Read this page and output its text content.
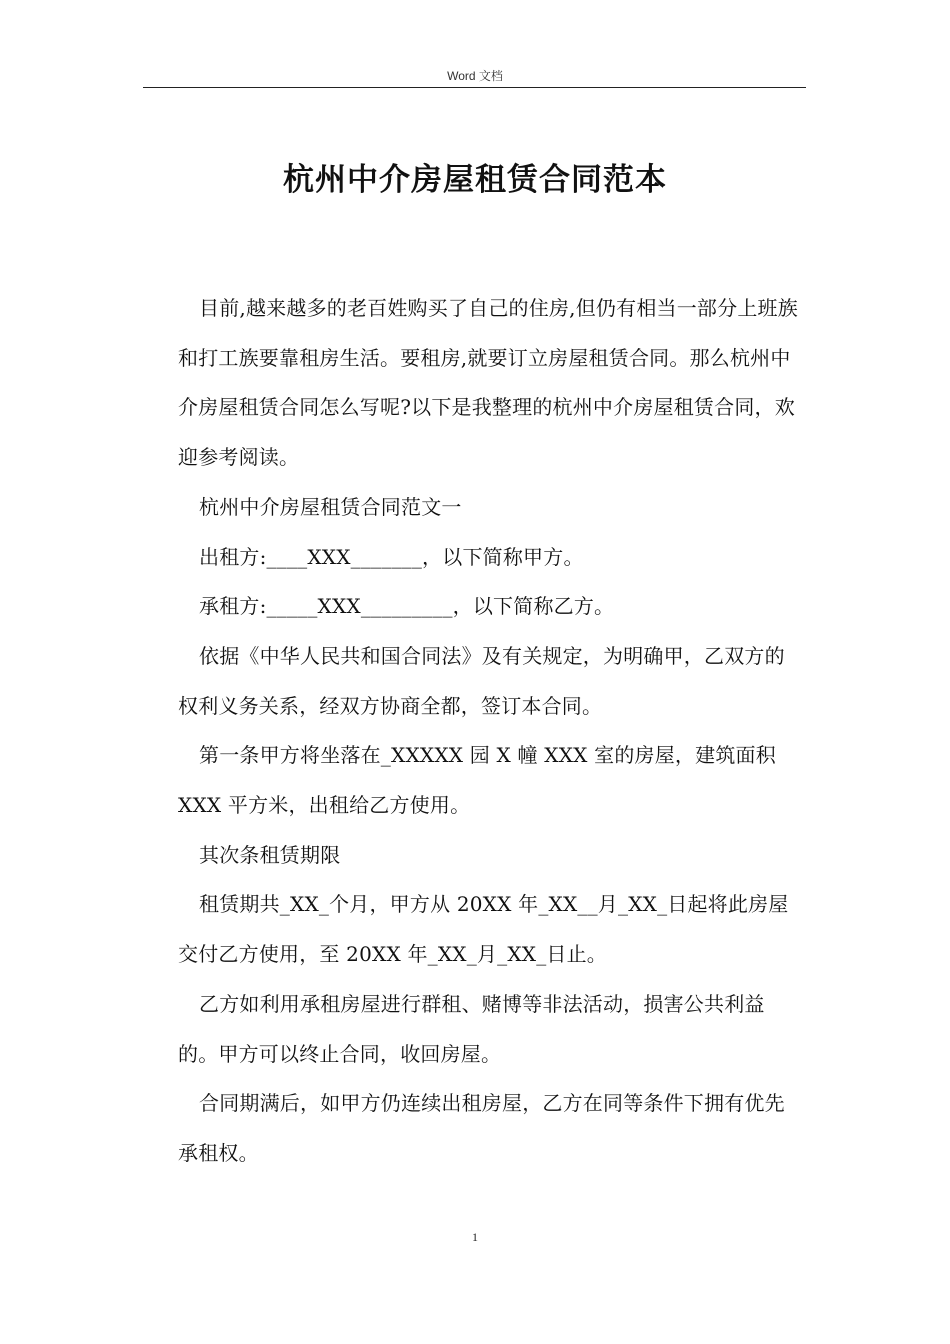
Word 文档
杭州中介房屋租赁合同范本

目前,越来越多的老百姓购买了自己的住房,但仍有相当一部分上班族和打工族要靠租房生活。要租房,就要订立房屋租赁合同。那么杭州中介房屋租赁合同怎么写呢?以下是我整理的杭州中介房屋租赁合同，欢迎参考阅读。

杭州中介房屋租赁合同范文一

出租方:____XXX_______，以下简称甲方。

承租方:_____XXX_________，以下简称乙方。

依据《中华人民共和国合同法》及有关规定，为明确甲，乙双方的权利义务关系，经双方协商全都，签订本合同。

第一条甲方将坐落在_XXXXX 园 X 幢 XXX 室的房屋，建筑面积 XXX 平方米，出租给乙方使用。

其次条租赁期限

租赁期共_XX_个月，甲方从 20XX 年_XX__月_XX_日起将此房屋交付乙方使用，至 20XX 年_XX_月_XX_日止。

乙方如利用承租房屋进行群租、赌博等非法活动，损害公共利益的。甲方可以终止合同，收回房屋。

合同期满后，如甲方仍连续出租房屋，乙方在同等条件下拥有优先承租权。

1
